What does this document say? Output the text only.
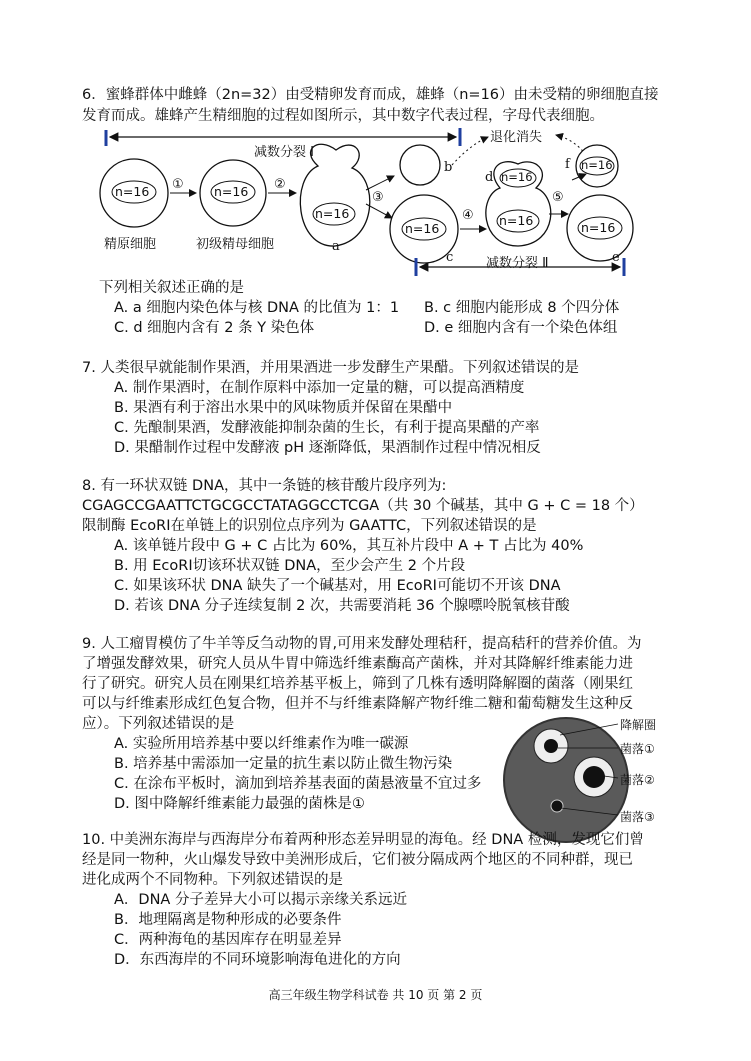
6．蜜蜂群体中雌蜂（2n=32）由受精卵发育而成，雄蜂（n=16）由未受精的卵细胞直接
发育而成。雄蜂产生精细胞的过程如图所示，其中数字代表过程，字母代表细胞。
减数分裂 I
退化消失
n=16	n=16
n=16
n=16
n=16
n=16
n=16
n=16
①	②
③
④
⑤
a
b
c
d
e
f
精原细胞	初级精母细胞
减数分裂 Ⅱ
下列相关叙述正确的是
A. a 细胞内染色体与核 DNA 的比值为 1：1 B. c 细胞内能形成 8 个四分体
C. d 细胞内含有 2 条 Y 染色体	D. e 细胞内含有一个染色体组
7. 人类很早就能制作果酒，并用果酒进一步发酵生产果醋。下列叙述错误的是
A. 制作果酒时，在制作原料中添加一定量的糖，可以提高酒精度
B. 果酒有利于溶出水果中的风味物质并保留在果醋中
C. 先酿制果酒，发酵液能抑制杂菌的生长，有利于提高果醋的产率
D. 果醋制作过程中发酵液 pH 逐渐降低，果酒制作过程中情况相反
8. 有一环状双链 DNA，其中一条链的核苷酸片段序列为:
CGAGCCGAATTCTGCGCCTATAGGCCTCGA（共 30 个碱基，其中 G + C = 18 个）
限制酶 EcoRI在单链上的识别位点序列为 GAATTC，下列叙述错误的是
A. 该单链片段中 G + C 占比为 60%，其互补片段中 A + T 占比为 40%
B. 用 EcoRI切该环状双链 DNA，至少会产生 2 个片段
C. 如果该环状 DNA 缺失了一个碱基对，用 EcoRI可能切不开该 DNA
D. 若该 DNA 分子连续复制 2 次，共需要消耗 36 个腺嘌呤脱氧核苷酸
9. 人工瘤胃模仿了牛羊等反刍动物的胃,可用来发酵处理秸秆，提高秸秆的营养价值。为
了增强发酵效果，研究人员从牛胃中筛选纤维素酶高产菌株，并对其降解纤维素能力进
行了研究。研究人员在刚果红培养基平板上，筛到了几株有透明降解圈的菌落（刚果红
可以与纤维素形成红色复合物，但并不与纤维素降解产物纤维二糖和葡萄糖发生这种反
应）。下列叙述错误的是
A. 实验所用培养基中要以纤维素作为唯一碳源
B. 培养基中需添加一定量的抗生素以防止微生物污染
C. 在涂布平板时，滴加到培养基表面的菌悬液量不宜过多
D. 图中降解纤维素能力最强的菌株是①
降解圈
菌落①
菌落②
菌落③
10. 中美洲东海岸与西海岸分布着两种形态差异明显的海龟。经 DNA 检测，发现它们曾
经是同一物种，火山爆发导致中美洲形成后，它们被分隔成两个地区的不同种群，现已
进化成两个不同物种。下列叙述错误的是
A．DNA 分子差异大小可以揭示亲缘关系远近
B．地理隔离是物种形成的必要条件
C．两种海龟的基因库存在明显差异
D．东西海岸的不同环境影响海龟进化的方向
高三年级生物学科试卷 共 10 页 第 2 页
